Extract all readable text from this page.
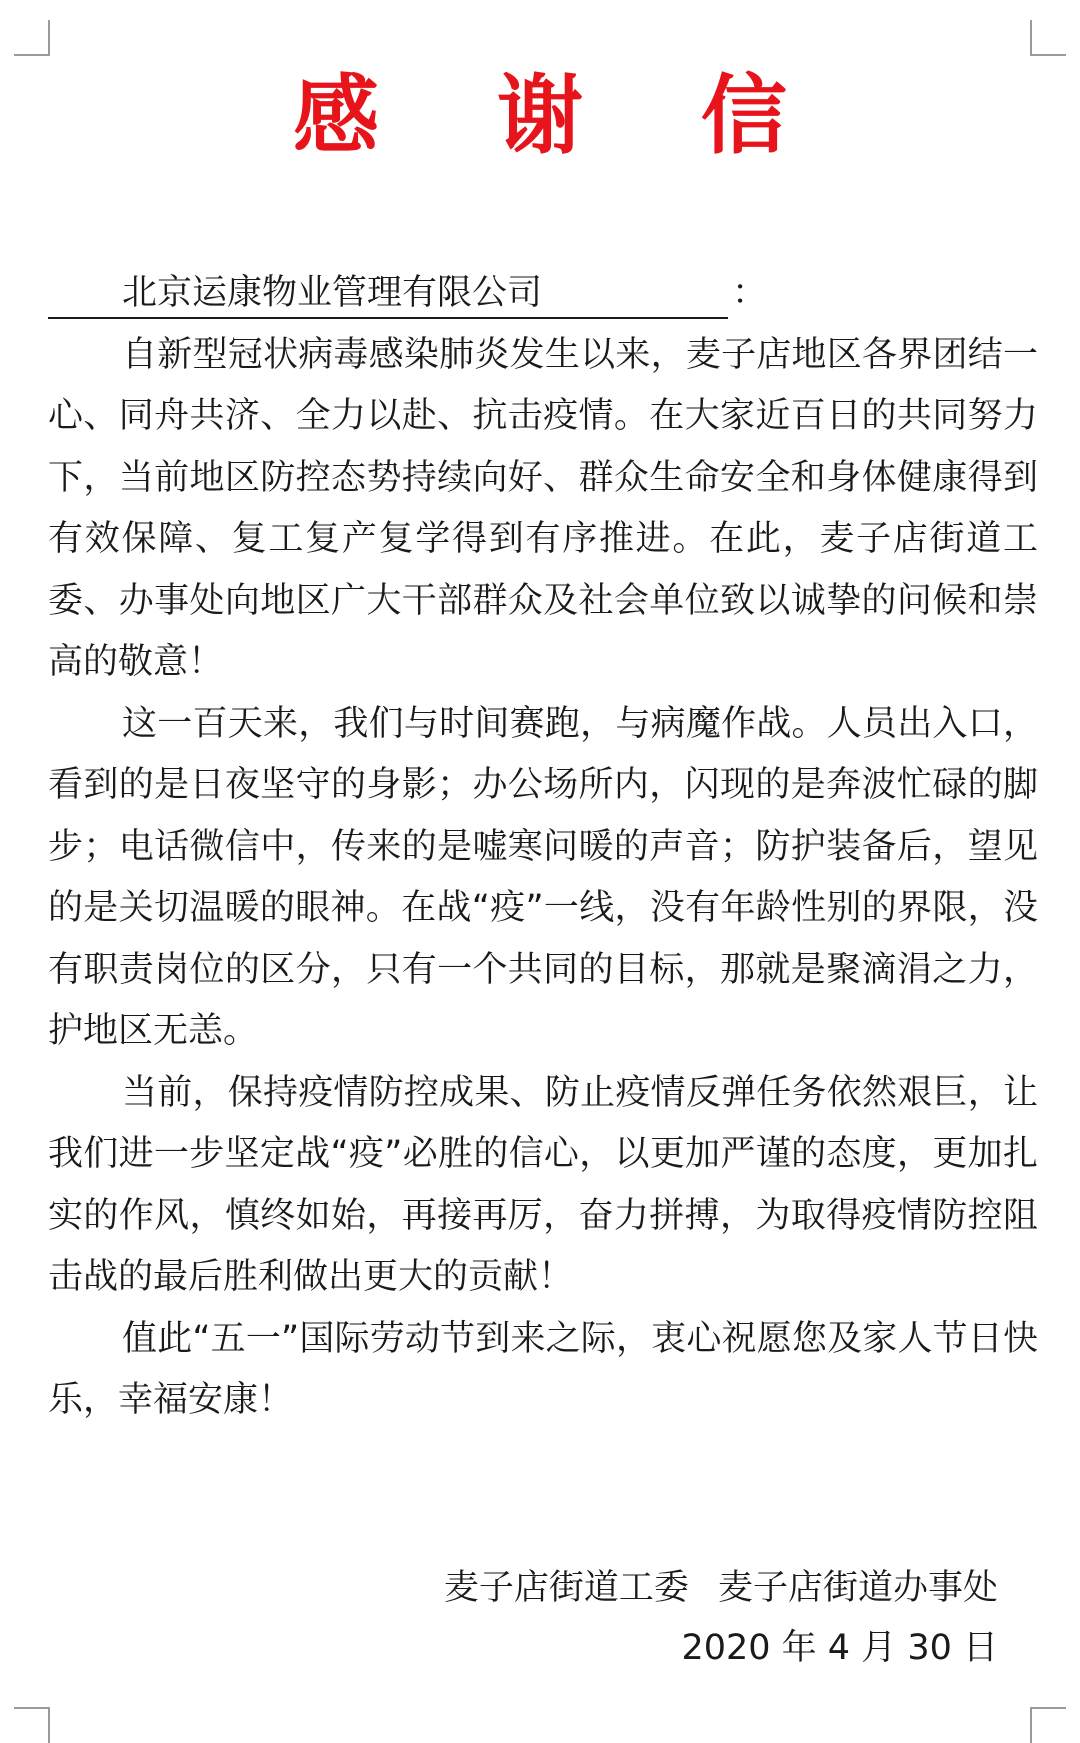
感 谢 信

北京运康物业管理有限公司	：

自新型冠状病毒感染肺炎发生以来，麦子店地区各界团结一心、同舟共济、全力以赴、抗击疫情。在大家近百日的共同努力下，当前地区防控态势持续向好、群众生命安全和身体健康得到有效保障、复工复产复学得到有序推进。在此，麦子店街道工委、办事处向地区广大干部群众及社会单位致以诚挚的问候和崇高的敬意！

这一百天来，我们与时间赛跑，与病魔作战。人员出入口，看到的是日夜坚守的身影；办公场所内，闪现的是奔波忙碌的脚步；电话微信中，传来的是嘘寒问暖的声音；防护装备后，望见的是关切温暖的眼神。在战“疫”一线，没有年龄性别的界限，没有职责岗位的区分，只有一个共同的目标，那就是聚滴涓之力，护地区无恙。

当前，保持疫情防控成果、防止疫情反弹任务依然艰巨，让我们进一步坚定战“疫”必胜的信心，以更加严谨的态度，更加扎实的作风，慎终如始，再接再厉，奋力拼搏，为取得疫情防控阻击战的最后胜利做出更大的贡献！

值此“五一”国际劳动节到来之际，衷心祝愿您及家人节日快乐，幸福安康！

麦子店街道工委 麦子店街道办事处
2020 年 4 月 30 日
